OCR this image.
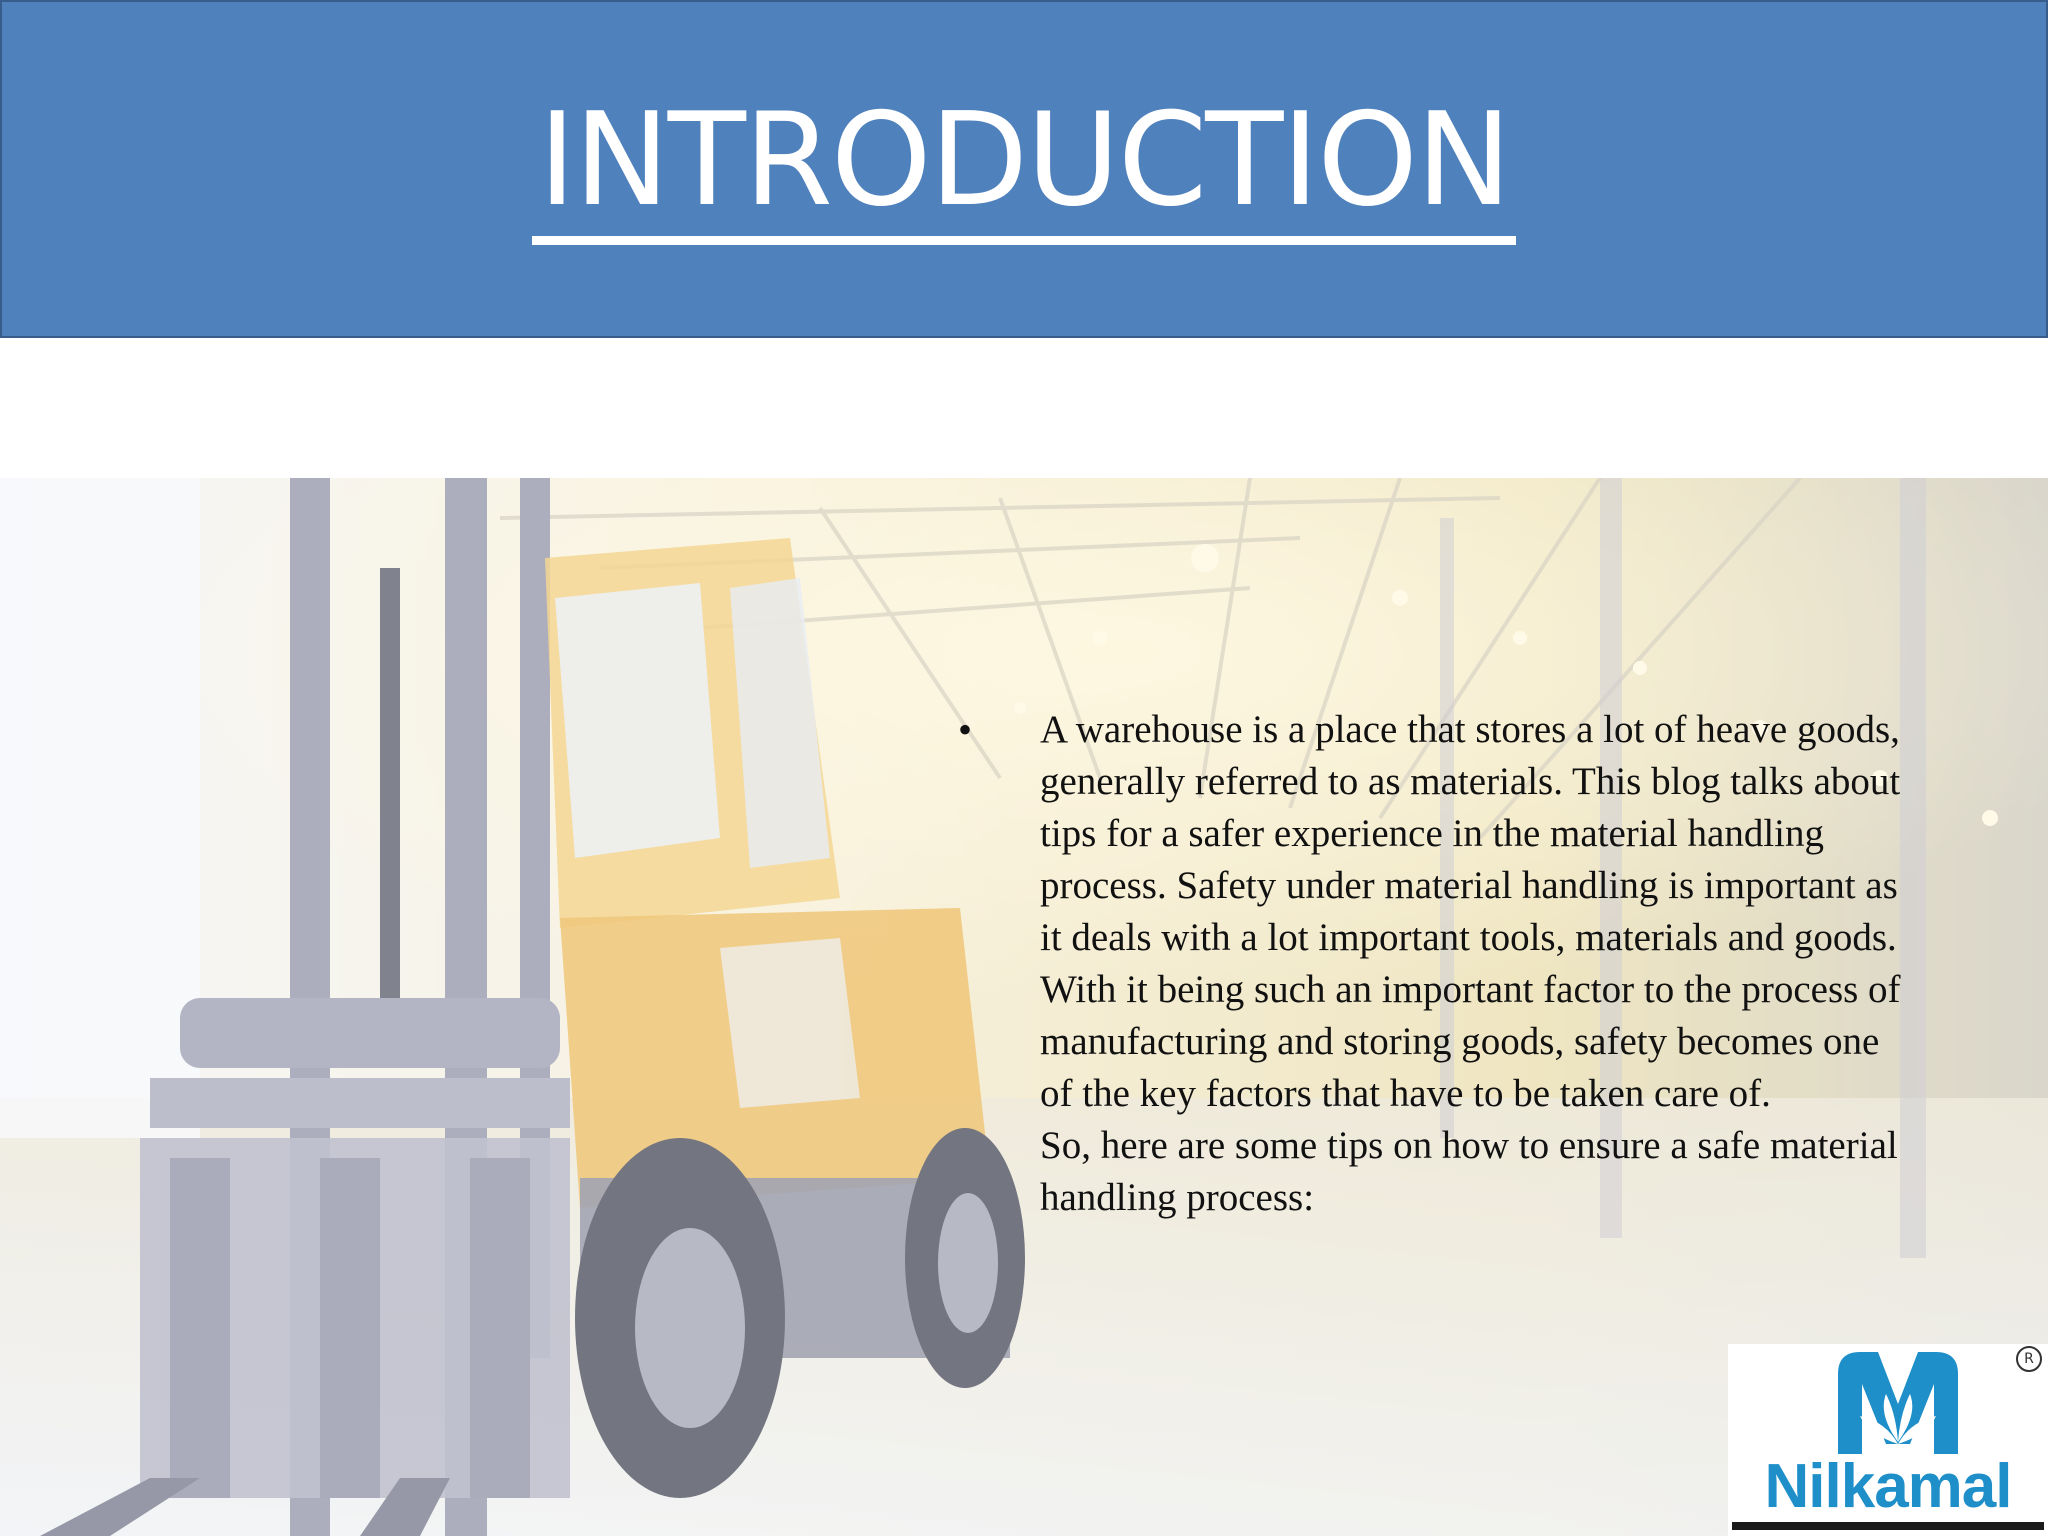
INTRODUCTION
• A warehouse is a place that stores a lot of heave goods, generally referred to as materials. This blog talks about tips for a safer experience in the material handling process. Safety under material handling is important as it deals with a lot important tools, materials and goods. With it being such an important factor to the process of manufacturing and storing goods, safety becomes one of the key factors that have to be taken care of.

So, here are some tips on how to ensure a safe material handling process:

R
Nilkamal
